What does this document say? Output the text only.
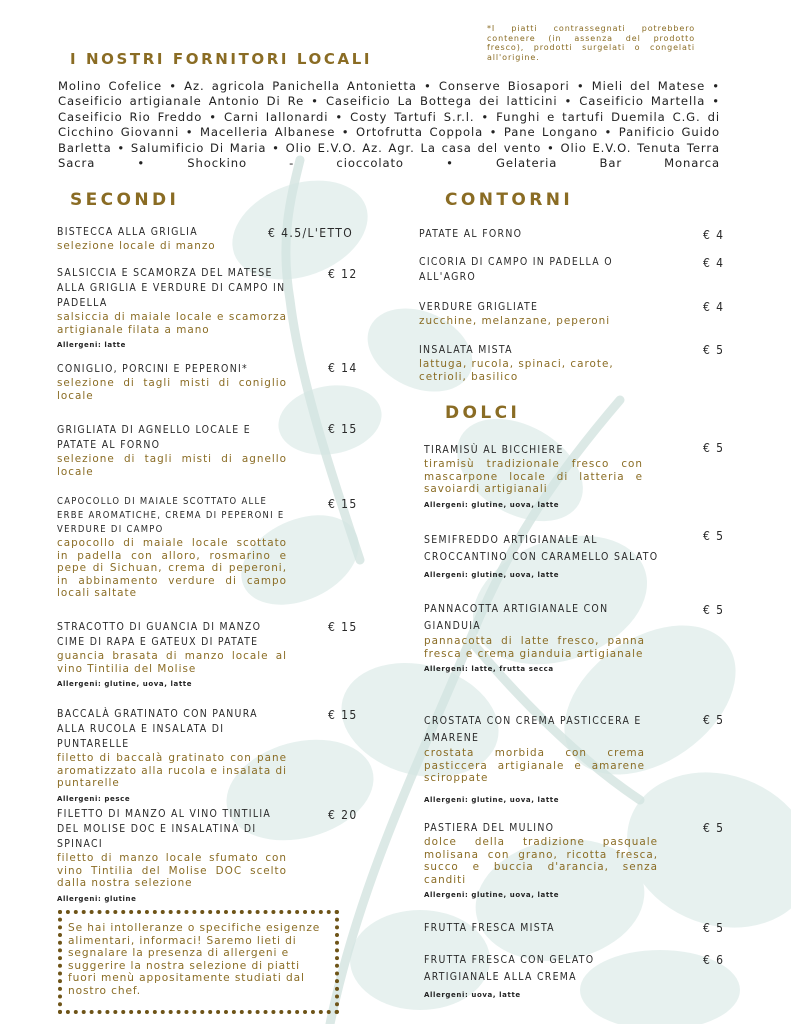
*I piatti contrassegnati potrebbero contenere (in assenza del prodotto fresco), prodotti surgelati o congelati all'origine.
I NOSTRI FORNITORI LOCALI
Molino Cofelice • Az. agricola Panichella Antonietta • Conserve Biosapori • Mieli del Matese • Caseificio artigianale Antonio Di Re • Caseificio La Bottega dei latticini • Caseificio Martella • Caseificio Rio Freddo • Carni Iallonardi • Costy Tartufi S.r.l. • Funghi e tartufi Duemila C.G. di Cicchino Giovanni • Macelleria Albanese • Ortofrutta Coppola • Pane Longano • Panificio Guido Barletta • Salumificio Di Maria • Olio E.V.O. Az. Agr. La casa del vento • Olio E.V.O. Tenuta Terra Sacra • Shockino - cioccolato • Gelateria Bar Monarca
SECONDI
BISTECCA ALLA GRIGLIA
selezione locale di manzo
€ 4.5/L'ETTO
SALSICCIA E SCAMORZA DEL MATESE ALLA GRIGLIA E VERDURE DI CAMPO IN PADELLA
salsiccia di maiale locale e scamorza artigianale filata a mano
Allergeni: latte
€ 12
CONIGLIO, PORCINI E PEPERONI*
selezione di tagli misti di coniglio locale
€ 14
GRIGLIATA DI AGNELLO LOCALE E PATATE AL FORNO
selezione di tagli misti di agnello locale
€ 15
CAPOCOLLO DI MAIALE SCOTTATO ALLE ERBE AROMATICHE, CREMA DI PEPERONI E VERDURE DI CAMPO
capocollo di maiale locale scottato in padella con alloro, rosmarino e pepe di Sichuan, crema di peperoni, in abbinamento verdure di campo locali saltate
€ 15
STRACOTTO DI GUANCIA DI MANZO CIME DI RAPA E GATEUX DI PATATE
guancia brasata di manzo locale al vino Tintilia del Molise
Allergeni: glutine, uova, latte
€ 15
BACCALÀ GRATINATO CON PANURA ALLA RUCOLA E INSALATA DI PUNTARELLE
filetto di baccalà gratinato con pane aromatizzato alla rucola e insalata di puntarelle
Allergeni: pesce
€ 15
FILETTO DI MANZO AL VINO TINTILIA DEL MOLISE DOC E INSALATINA DI SPINACI
filetto di manzo locale sfumato con vino Tintilia del Molise DOC scelto dalla nostra selezione
Allergeni: glutine
€ 20
Se hai intolleranze o specifiche esigenze alimentari, informaci! Saremo lieti di segnalare la presenza di allergeni e suggerire la nostra selezione di piatti fuori menù appositamente studiati dal nostro chef.
CONTORNI
PATATE AL FORNO	€ 4
CICORIA DI CAMPO IN PADELLA O ALL'AGRO
€ 4
VERDURE GRIGLIATE
zucchine, melanzane, peperoni
€ 4
INSALATA MISTA
lattuga, rucola, spinaci, carote, cetrioli, basilico
€ 5
DOLCI
TIRAMISÙ AL BICCHIERE
tiramisù tradizionale fresco con mascarpone locale di latteria e savoiardi artigianali
Allergeni: glutine, uova, latte
€ 5
SEMIFREDDO ARTIGIANALE AL CROCCANTINO CON CARAMELLO SALATO
Allergeni: glutine, uova, latte
€ 5
PANNACOTTA ARTIGIANALE CON GIANDUIA
pannacotta di latte fresco, panna fresca e crema gianduia artigianale
Allergeni: latte, frutta secca
€ 5
CROSTATA CON CREMA PASTICCERA E AMARENE
crostata morbida con crema pasticcera artigianale e amarene sciroppate
Allergeni: glutine, uova, latte
€ 5
PASTIERA DEL MULINO
dolce della tradizione pasquale molisana con grano, ricotta fresca, succo e buccia d'arancia, senza canditi
Allergeni: glutine, uova, latte
€ 5
FRUTTA FRESCA MISTA	€ 5
FRUTTA FRESCA CON GELATO ARTIGIANALE ALLA CREMA
Allergeni: uova, latte
€ 6
